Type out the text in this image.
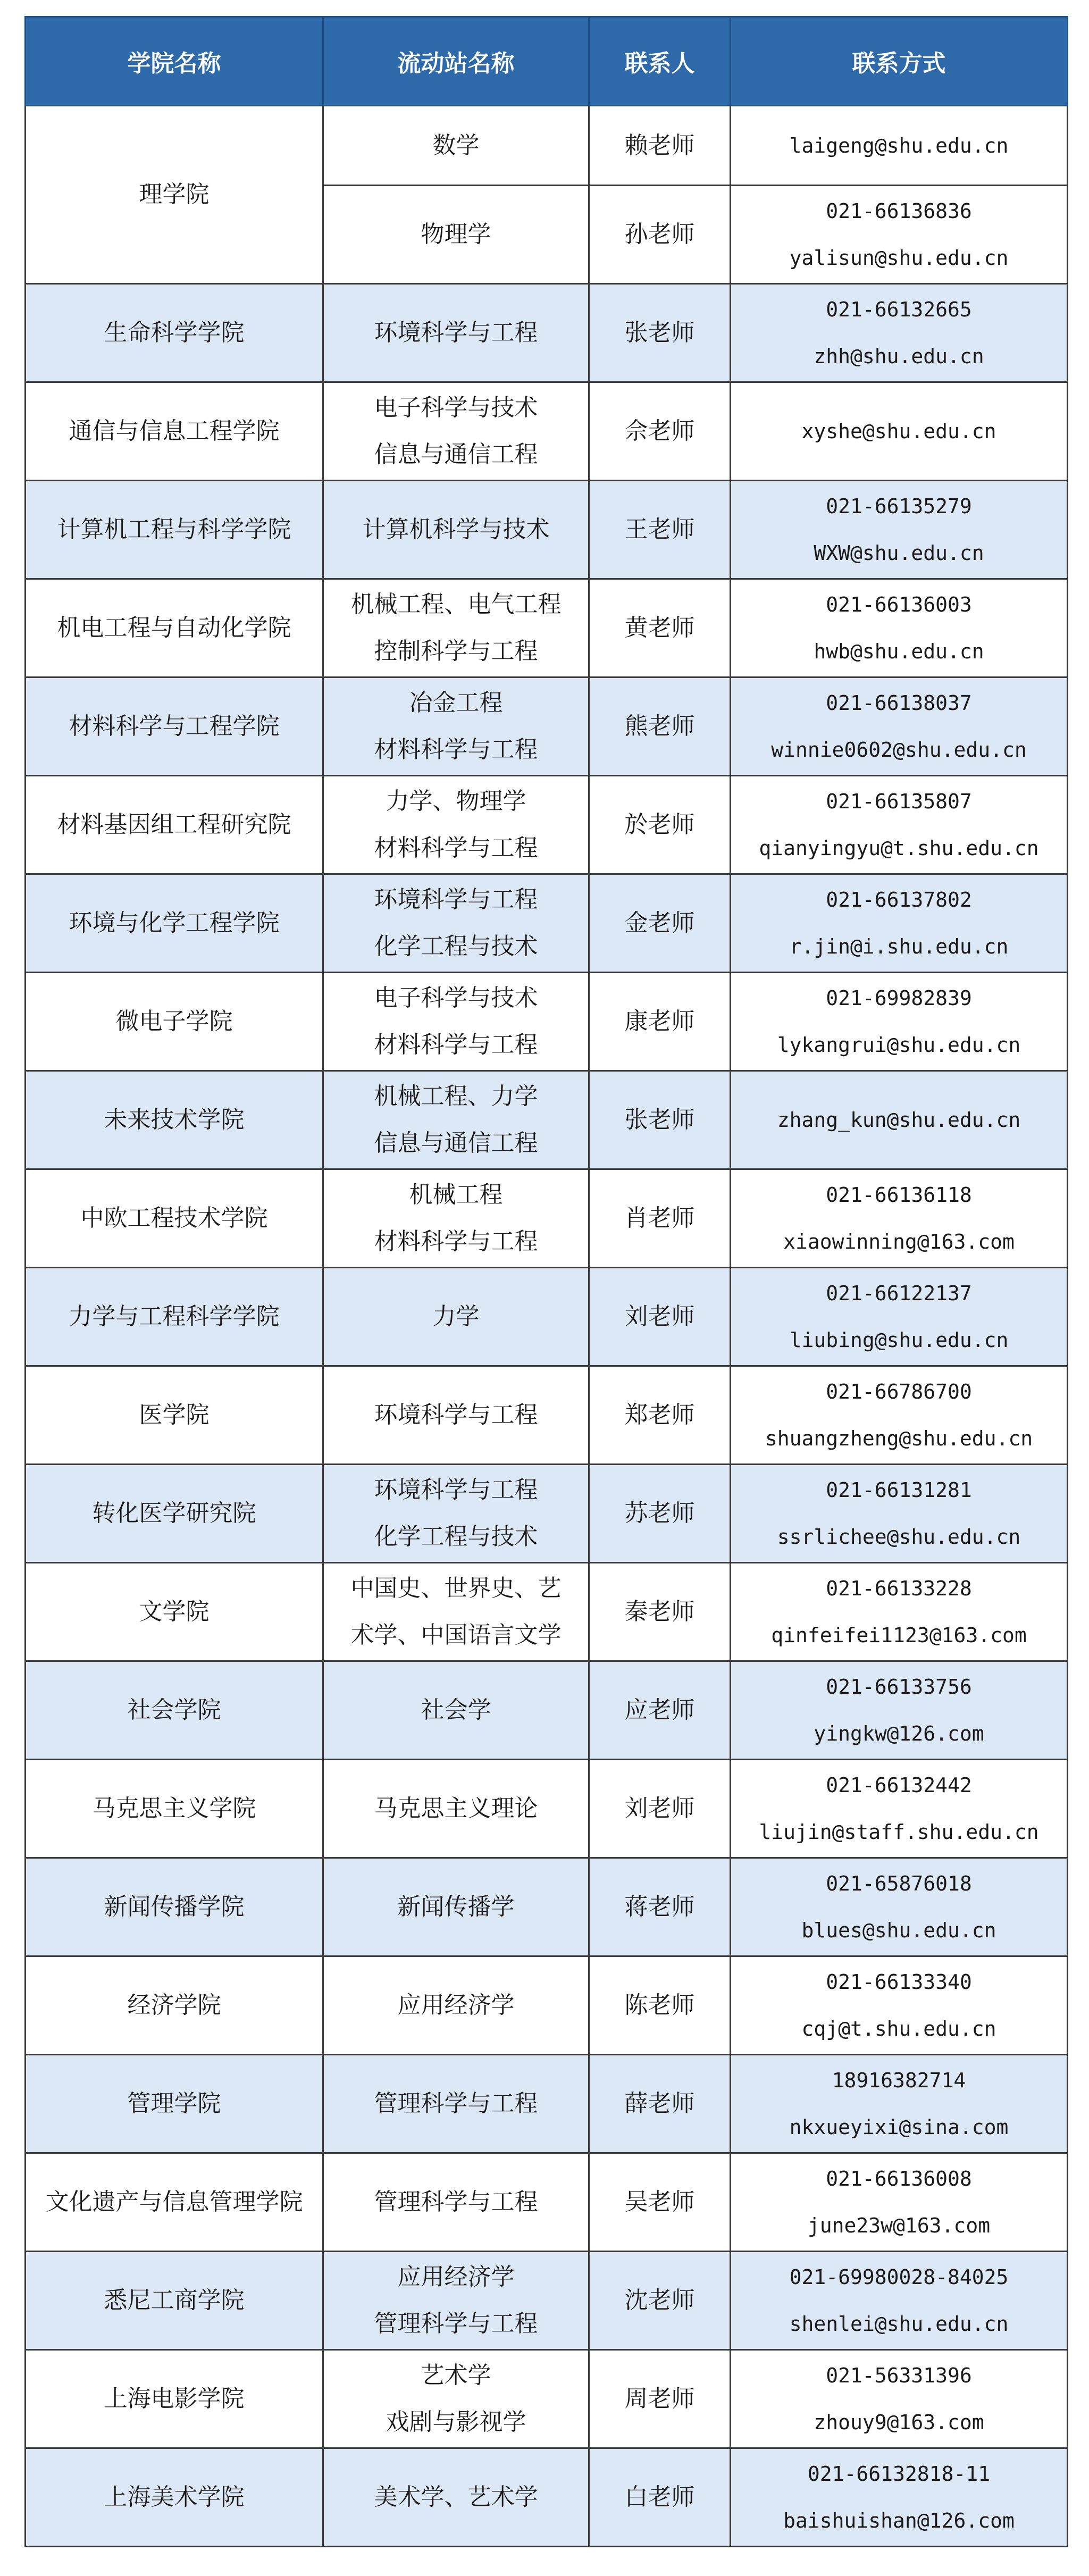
学院名称	流动站名称	联系人	联系方式
理学院	数学	赖老师	laigeng@shu.edu.cn

	物理学	孙老师	021-66136836
yalisun@shu.edu.cn

生命科学学院	环境科学与工程	张老师	021-66132665
zhh@shu.edu.cn

通信与信息工程学院	电子科学与技术
信息与通信工程	佘老师	xyshe@shu.edu.cn

计算机工程与科学学院	计算机科学与技术	王老师	021-66135279
WXW@shu.edu.cn

机电工程与自动化学院	机械工程、电气工程
控制科学与工程	黄老师	021-66136003
hwb@shu.edu.cn

材料科学与工程学院	冶金工程
材料科学与工程	熊老师	021-66138037
winnie0602@shu.edu.cn

材料基因组工程研究院	力学、物理学
材料科学与工程	於老师	021-66135807
qianyingyu@t.shu.edu.cn

环境与化学工程学院	环境科学与工程
化学工程与技术	金老师	021-66137802
r.jin@i.shu.edu.cn

微电子学院	电子科学与技术
材料科学与工程	康老师	021-69982839
lykangrui@shu.edu.cn

未来技术学院	机械工程、力学
信息与通信工程	张老师	zhang_kun@shu.edu.cn

中欧工程技术学院	机械工程
材料科学与工程	肖老师	021-66136118
xiaowinning@163.com

力学与工程科学学院	力学	刘老师	021-66122137
liubing@shu.edu.cn

医学院	环境科学与工程	郑老师	021-66786700
shuangzheng@shu.edu.cn

转化医学研究院	环境科学与工程
化学工程与技术	苏老师	021-66131281
ssrlichee@shu.edu.cn

文学院	中国史、世界史、艺
术学、中国语言文学	秦老师	021-66133228
qinfeifei1123@163.com

社会学院	社会学	应老师	021-66133756
yingkw@126.com

马克思主义学院	马克思主义理论	刘老师	021-66132442
liujin@staff.shu.edu.cn

新闻传播学院	新闻传播学	蒋老师	021-65876018
blues@shu.edu.cn

经济学院	应用经济学	陈老师	021-66133340
cqj@t.shu.edu.cn

管理学院	管理科学与工程	薛老师	18916382714
nkxueyixi@sina.com

文化遗产与信息管理学院	管理科学与工程	吴老师	021-66136008
june23w@163.com

悉尼工商学院	应用经济学
管理科学与工程	沈老师	021-69980028-84025
shenlei@shu.edu.cn

上海电影学院	艺术学
戏剧与影视学	周老师	021-56331396
zhouy9@163.com

上海美术学院	美术学、艺术学	白老师	021-66132818-11
baishuishan@126.com
